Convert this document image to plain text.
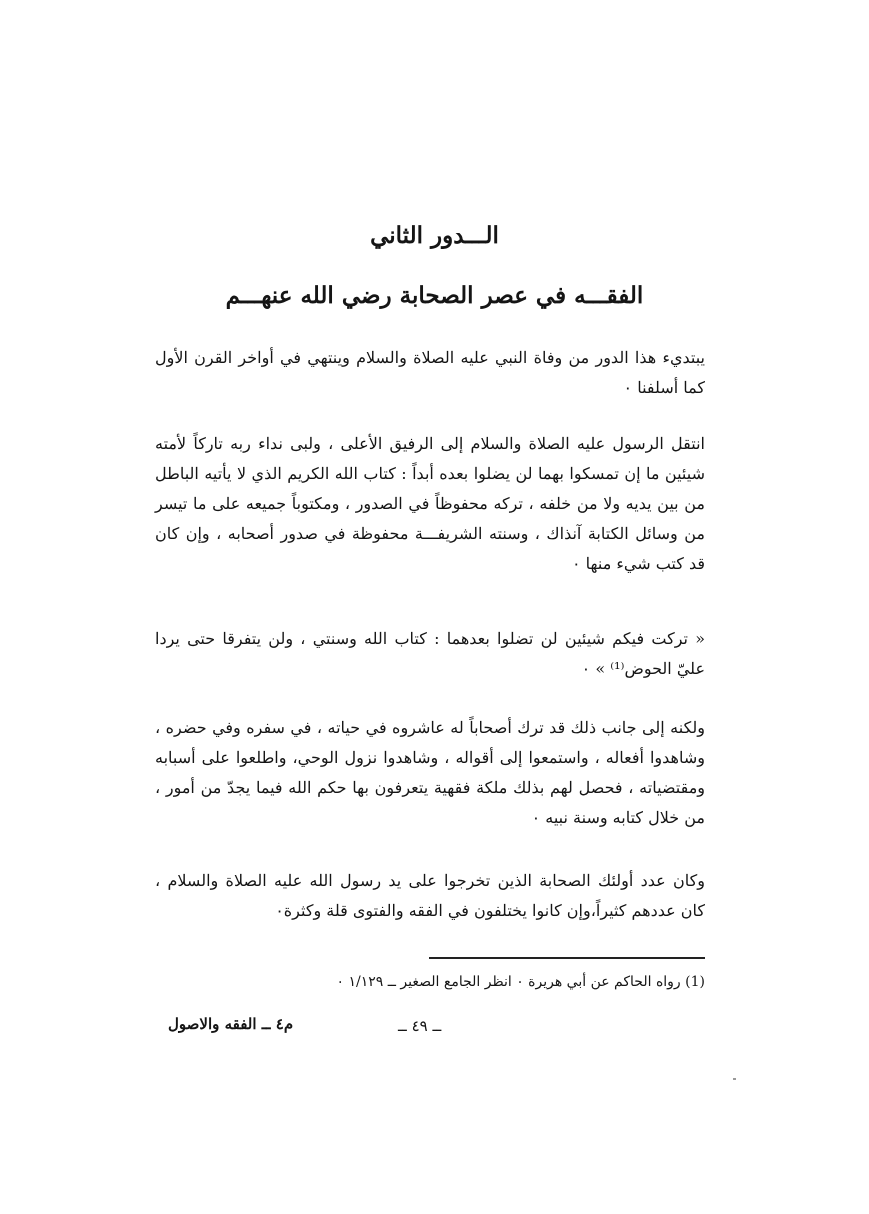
الـــدور الثاني
الفقـــه في عصر الصحابة رضي الله عنهـــم

يبتديء هذا الدور من وفاة النبي عليه الصلاة والسلام وينتهي في أواخر القرن الأول كما أسلفنا ٠

انتقل الرسول عليه الصلاة والسلام إلى الرفيق الأعلى ، ولبى نداء ربه تاركاً لأمته شيئين ما إن تمسكوا بهما لن يضلوا بعده أبداً : كتاب الله الكريم الذي لا يأتيه الباطل من بين يديه ولا من خلفه ، تركه محفوظاً في الصدور ، ومكتوباً جميعه على ما تيسر من وسائل الكتابة آنذاك ، وسنته الشريفـــة محفوظة في صدور أصحابه ، وإن كان قد كتب شيء منها ٠

« تركت فيكم شيئين لن تضلوا بعدهما : كتاب الله وسنتي ، ولن يتفرقا حتى يردا عليّ الحوض⁽¹⁾ » ٠

ولكنه إلى جانب ذلك قد ترك أصحاباً له عاشروه في حياته ، في سفره وفي حضره ، وشاهدوا أفعاله ، واستمعوا إلى أقواله ، وشاهدوا نزول الوحي، واطلعوا على أسبابه ومقتضياته ، فحصل لهم بذلك ملكة فقهية يتعرفون بها حكم الله فيما يجدّ من أمور ، من خلال كتابه وسنة نبيه ٠

وكان عدد أولئك الصحابة الذين تخرجوا على يد رسول الله عليه الصلاة والسلام ، كان عددهم كثيراً،وإن كانوا يختلفون في الفقه والفتوى قلة وكثرة٠

(1) رواه الحاكم عن أبي هريرة ٠ انظر الجامع الصغير ــ ١/١٢٩ ٠
ــ ٤٩ ــ
م٤ ــ الفقه والاصول
